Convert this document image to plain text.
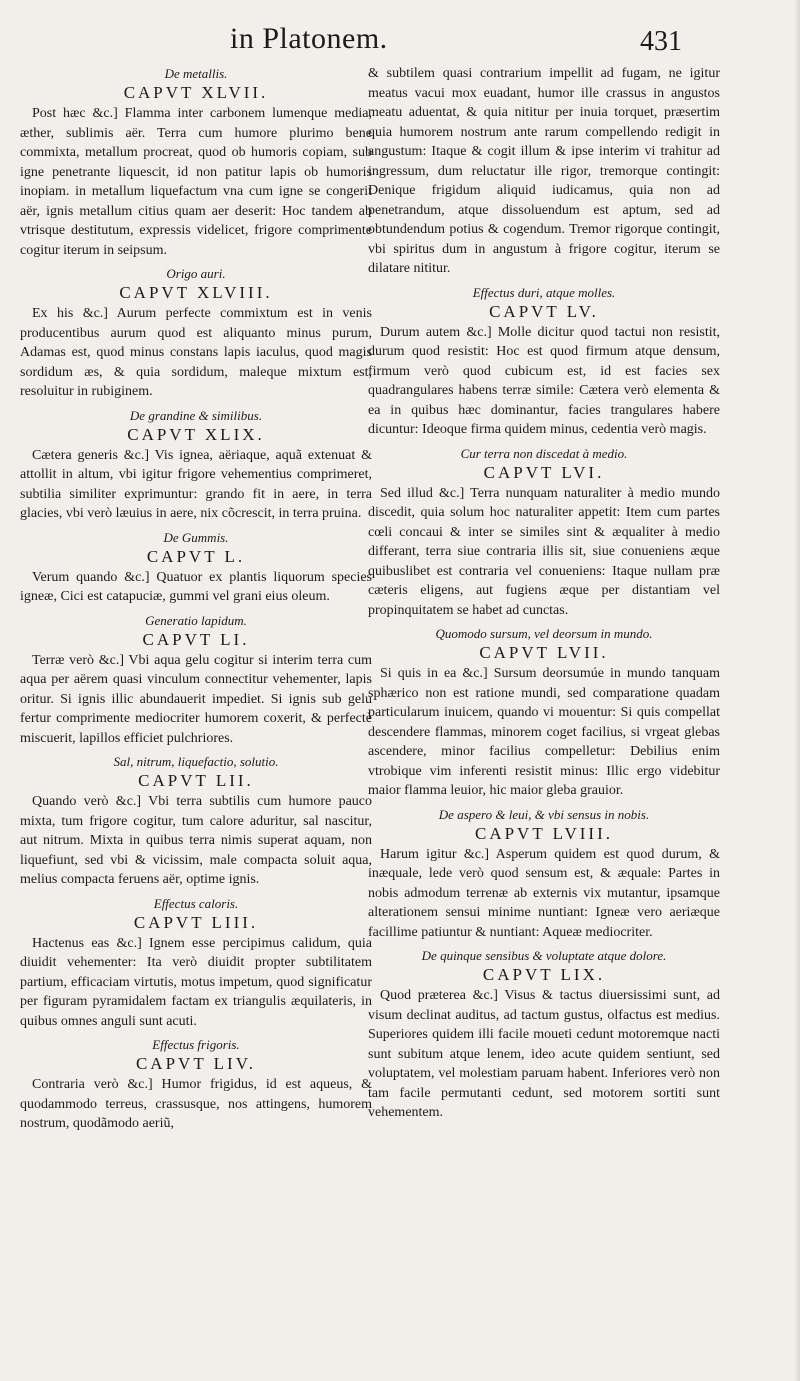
in Platonem.	431

De metallis.

CAPVT XLVII.

Post hæc &c.] Flamma inter carbonem lumenque media, æther, sublimis aër. Terra cum humore plurimo bene commixta, metallum procreat, quod ob humoris copiam, sub igne penetrante liquescit, id non patitur lapis ob humoris inopiam. in metallum liquefactum vna cum igne se congerit aër, ignis metallum citius quam aer deserit: Hoc tandem ab vtrisque destitutum, expressis videlicet, frigore comprimente cogitur iterum in seipsum.

Origo auri.

CAPVT XLVIII.

Ex his &c.] Aurum perfecte commixtum est in venis producentibus aurum quod est aliquanto minus purum, Adamas est, quod minus constans lapis iaculus, quod magis sordidum æs, & quia sordidum, maleque mixtum est, resoluitur in rubiginem.

De grandine & similibus.

CAPVT XLIX.

Cætera generis &c.] Vis ignea, aëriaque, aquã extenuat & attollit in altum, vbi igitur frigore vehementius comprimeret, subtilia similiter exprimuntur: grando fit in aere, in terra glacies, vbi verò læuius in aere, nix cõcrescit, in terra pruina.

De Gummis.

CAPVT L.

Verum quando &c.] Quatuor ex plantis liquorum species igneæ, Cici est catapuciæ, gummi vel grani eius oleum.

Generatio lapidum.

CAPVT LI.

Terræ verò &c.] Vbi aqua gelu cogitur si interim terra cum aqua per aërem quasi vinculum connectitur vehementer, lapis oritur. Si ignis illic abundauerit impediet. Si ignis sub gelu fertur comprimente mediocriter humorem coxerit, & perfectè miscuerit, lapillos efficiet pulchriores.

Sal, nitrum, liquefactio, solutio.

CAPVT LII.

Quando verò &c.] Vbi terra subtilis cum humore pauco mixta, tum frigore cogitur, tum calore aduritur, sal nascitur, aut nitrum. Mixta in quibus terra nimis superat aquam, non liquefiunt, sed vbi & vicissim, male compacta soluit aqua, melius compacta feruens aër, optime ignis.

Effectus caloris.

CAPVT LIII.

Hactenus eas &c.] Ignem esse percipimus calidum, quia diuidit vehementer: Ita verò diuidit propter subtilitatem partium, efficaciam virtutis, motus impetum, quod significatur per figuram pyramidalem factam ex triangulis æquilateris, in quibus omnes anguli sunt acuti.

Effectus frigoris.

CAPVT LIV.

Contraria verò &c.] Humor frigidus, id est aqueus, & quodammodo terreus, crassusque, nos attingens, humorem nostrum, quodãmodo aeriũ,

& subtilem quasi contrarium impellit ad fugam, ne igitur meatus vacui mox euadant, humor ille crassus in angustos meatu aduentat, & quia nititur per inuia torquet, præsertim quia humorem nostrum ante rarum compellendo redigit in angustum: Itaque & cogit illum & ipse interim vi trahitur ad ingressum, dum reluctatur ille rigor, tremorque contingit: Denique frigidum aliquid iudicamus, quia non ad penetrandum, atque dissoluendum est aptum, sed ad obtundendum potius & cogendum. Tremor rigorque contingit, vbi spiritus dum in angustum à frigore cogitur, iterum se dilatare nititur.

Effectus duri, atque molles.

CAPVT LV.

Durum autem &c.] Molle dicitur quod tactui non resistit, durum quod resistit: Hoc est quod firmum atque densum, firmum verò quod cubicum est, id est facies sex quadrangulares habens terræ simile: Cætera verò elementa & ea in quibus hæc dominantur, facies trangulares habere dicuntur: Ideoque firma quidem minus, cedentia verò magis.

Cur terra non discedat à medio.

CAPVT LVI.

Sed illud &c.] Terra nunquam naturaliter à medio mundo discedit, quia solum hoc naturaliter appetit: Item cum partes cœli concaui & inter se similes sint & æqualiter à medio differant, terra siue contraria illis sit, siue conueniens æque quibuslibet est contraria vel conueniens: Itaque nullam præ cæteris eligens, aut fugiens æque per distantiam vel propinquitatem se habet ad cunctas.

Quomodo sursum, vel deorsum in mundo.

CAPVT LVII.

Si quis in ea &c.] Sursum deorsumúe in mundo tanquam sphærico non est ratione mundi, sed comparatione quadam particularum inuicem, quando vi mouentur: Si quis compellat descendere flammas, minorem coget facilius, si vrgeat glebas ascendere, minor facilius compelletur: Debilius enim vtrobique vim inferenti resistit minus: Illic ergo videbitur maior flamma leuior, hic maior gleba grauior.

De aspero & leui, & vbi sensus in nobis.

CAPVT LVIII.

Harum igitur &c.] Asperum quidem est quod durum, & inæquale, lede verò quod sensum est, & æquale: Partes in nobis admodum terrenæ ab externis vix mutantur, ipsamque alterationem sensui minime nuntiant: Igneæ vero aeriæque facillime patiuntur & nuntiant: Aqueæ mediocriter.

De quinque sensibus & voluptate atque dolore.

CAPVT LIX.

Quod præterea &c.] Visus & tactus diuersissimi sunt, ad visum declinat auditus, ad tactum gustus, olfactus est medius. Superiores quidem illi facile moueti cedunt motoremque nacti sunt subitum atque lenem, ideo acute quidem sentiunt, sed voluptatem, vel molestiam paruam habent. Inferiores verò non tam facile permutanti cedunt, sed motorem sortiti sunt vehementem.
